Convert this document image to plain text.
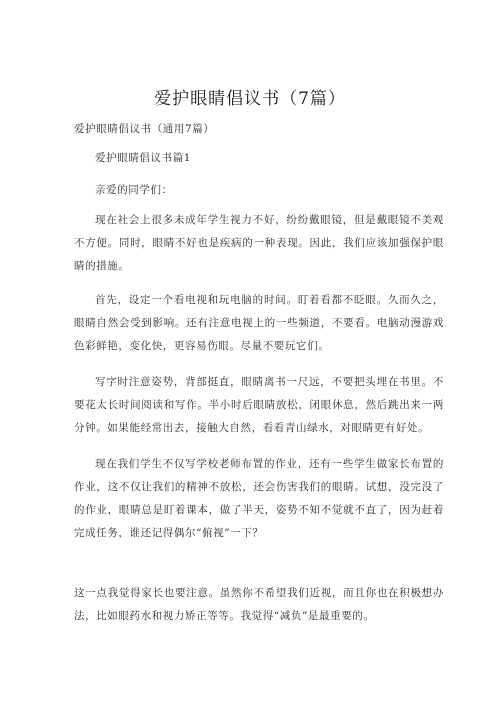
爱护眼睛倡议书（7篇）
爱护眼睛倡议书（通用7篇）
爱护眼睛倡议书篇1
亲爱的同学们：
现在社会上很多未成年学生视力不好，纷纷戴眼镜，但是戴眼镜不美观不方便。同时，眼睛不好也是疾病的一种表现。因此，我们应该加强保护眼睛的措施。
首先，设定一个看电视和玩电脑的时间。盯着看都不眨眼。久而久之，眼睛自然会受到影响。还有注意电视上的一些频道，不要看。电脑动漫游戏色彩鲜艳，变化快，更容易伤眼。尽量不要玩它们。
写字时注意姿势，背部挺直，眼睛离书一尺远，不要把头埋在书里。不要花太长时间阅读和写作。半小时后眼睛放松，闭眼休息，然后跳出来一两分钟。如果能经常出去，接触大自然，看看青山绿水，对眼睛更有好处。
现在我们学生不仅写学校老师布置的作业，还有一些学生做家长布置的作业，这不仅让我们的精神不放松，还会伤害我们的眼睛。试想，没完没了的作业，眼睛总是盯着课本，做了半天，姿势不知不觉就不直了，因为赶着完成任务，谁还记得偶尔“俯视”一下？
这一点我觉得家长也要注意。虽然你不希望我们近视，而且你也在积极想办法，比如眼药水和视力矫正等等。我觉得“减负”是最重要的。
